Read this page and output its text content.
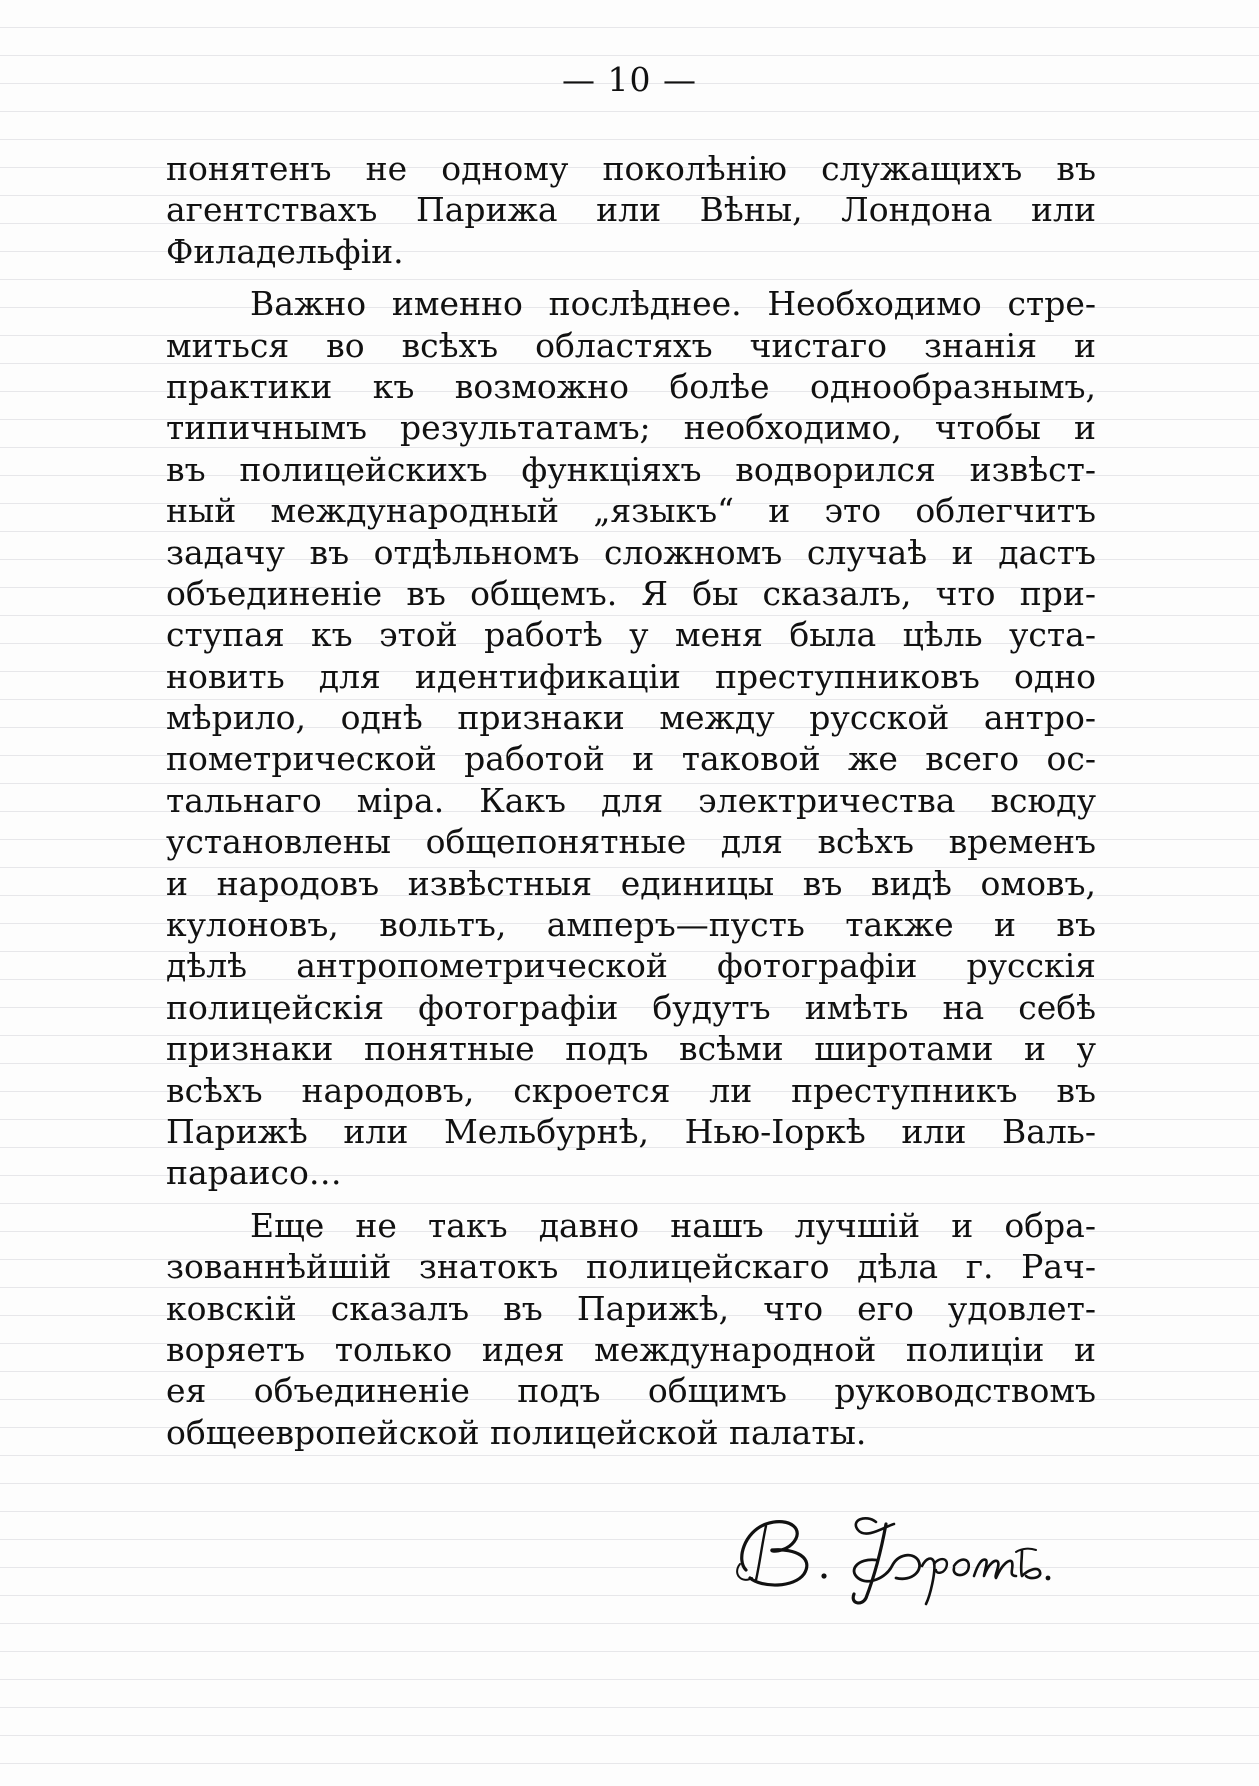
— 10 —

понятенъ не одному поколѣнію служащихъ въ
агентствахъ Парижа или Вѣны, Лондона или
Филадельфіи.
Важно именно послѣднее. Необходимо стре-
миться во всѣхъ областяхъ чистаго знанія и
практики къ возможно болѣе однообразнымъ,
типичнымъ результатамъ; необходимо, чтобы и
въ полицейскихъ функціяхъ водворился извѣст-
ный международный „языкъ“ и это облегчитъ
задачу въ отдѣльномъ сложномъ случаѣ и дастъ
объединеніе въ общемъ. Я бы сказалъ, что при-
ступая къ этой работѣ у меня была цѣль уста-
новить для идентификаціи преступниковъ одно
мѣрило, однѣ признаки между русской антро-
пометрической работой и таковой же всего ос-
тальнаго міра. Какъ для электричества всюду
установлены общепонятные для всѣхъ временъ
и народовъ извѣстныя единицы въ видѣ омовъ,
кулоновъ, вольтъ, амперъ—пусть также и въ
дѣлѣ антропометрической фотографіи русскія
полицейскія фотографіи будутъ имѣть на себѣ
признаки понятные подъ всѣми широтами и у
всѣхъ народовъ, скроется ли преступникъ въ
Парижѣ или Мельбурнѣ, Нью-Іоркѣ или Валь-
параисо…
Еще не такъ давно нашъ лучшій и обра-
зованнѣйшій знатокъ полицейскаго дѣла г. Рач-
ковскій сказалъ въ Парижѣ, что его удовлет-
воряетъ только идея международной полиціи и
ея объединеніе подъ общимъ руководствомъ
общеевропейской полицейской палаты.
